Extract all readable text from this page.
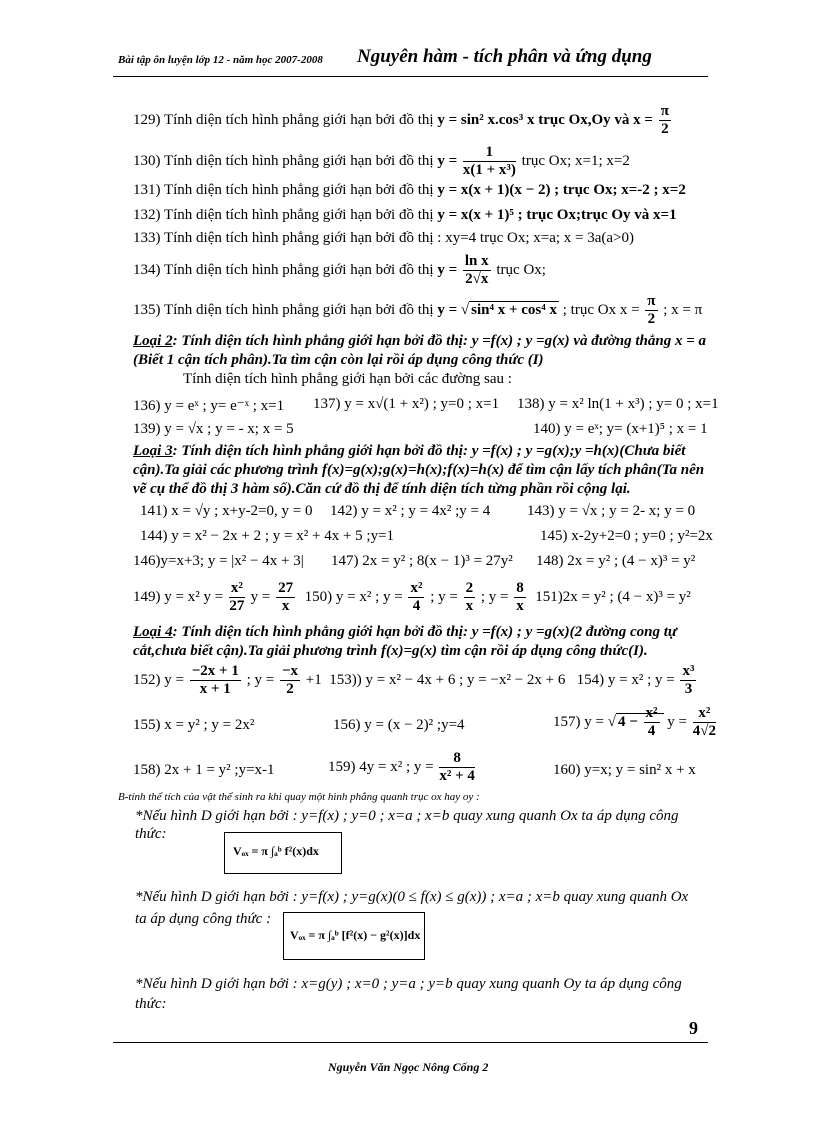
Bài tập ôn luyện lớp 12 - năm học 2007-2008 Nguyên hàm - tích phân và ứng dụng
129) Tính diện tích hình phẳng giới hạn bởi đồ thị y = sin² x.cos³ x trục Ox,Oy và $x = \frac{\pi}{2}$
130) Tính diện tích hình phẳng giới hạn bởi đồ thị $y = \frac{1}{\text{x(1 + x³)}}$ trục Ox; x=1; x=2
131) Tính diện tích hình phẳng giới hạn bởi đồ thị y = x(x + 1)(x − 2) ; trục Ox; x=-2 ; x=2
132) Tính diện tích hình phẳng giới hạn bởi đồ thị y = x(x + 1)⁵ ; trục Ox;trục Oy và x=1
133) Tính diện tích hình phẳng giới hạn bởi đồ thị : xy=4 trục Ox; x=a; x = 3a(a>0)
134) Tính diện tích hình phẳng giới hạn bởi đồ thị $y = \frac{\text{ln x}}{2√x}$ trục Ox;
135) Tính diện tích hình phẳng giới hạn bởi đồ thị y = √ sin⁴ x + cos⁴ x ; trục Ox $x = \frac{\pi}{2}$ ; x = π
Loại 2: Tính diện tích hình phẳng giới hạn bởi đồ thị: y =f(x) ; y =g(x) và đường thẳng x = a
(Biết 1 cận tích phân).Ta tìm cận còn lại rồi áp dụng công thức (I)
Tính diện tích hình phẳng giới hạn bởi các đường sau :
136) y = eˣ ; y= e⁻ˣ ; x=1 137) y = x√(1 + x²) ; y=0 ; x=1 138) y = x² ln(1 + x³) ; y= 0 ; x=1
139) y = √x ; y = - x; x = 5	140) y = eˣ; y= (x+1)⁵ ; x = 1
Loại 3: Tính diện tích hình phẳng giới hạn bởi đồ thị: y =f(x) ; y =g(x);y =h(x)(Chưa biết
cận).Ta giải các phương trình f(x)=g(x);g(x)=h(x);f(x)=h(x) để tìm cận lấy tích phân(Ta nên
vẽ cụ thể đồ thị 3 hàm số).Căn cứ đồ thị để tính diện tích từng phần rồi cộng lại.
141) x = √y ; x+y-2=0, y = 0 142) y = x² ; y = 4x² ;y = 4 143) y = √x ; y = 2- x; y = 0
144) y = x² − 2x + 2 ; y = x² + 4x + 5 ;y=1	145) x-2y+2=0 ; y=0 ; y²=2x
146)y=x+3; y = |x² − 4x + 3| 147) 2x = y² ; 8(x − 1)³ = 27y² 148) 2x = y² ; (4 − x)³ = y²
149) y = x² $y = \frac{\text{x²}}{27}$ $y = \frac{27}{x} 150$) y = x² ; $y = \frac{\text{x²}}{4}$ ; $y = \frac{2}{x}$ ; $y = \frac{8}{x} 151)2x = y^2$ ; (4 − x)³ = y²
Loại 4: Tính diện tích hình phẳng giới hạn bởi đồ thị: y =f(x) ; y =g(x)(2 đường cong tự
cắt,chưa biết cận).Ta giải phương trình f(x)=g(x) tìm cận rồi áp dụng công thức(I).
152) $y = \frac{-2x + 1}{x + 1}$ ; $y = \frac{-x}{2} +1$ 153)) y = x² − 4x + 6 ; y = −x² − 2x + 6 154) y = x² ; $y = \frac{\text{x³}}{3}$
155) x = y² ; y = 2x²	156) y = (x − 2)² ;y=4	157) y = √ $4 - \frac{\text{x²}}{4}$ $y = \frac{\text{x²}}{4√2}$
158) 2x + 1 = y² ;y=x-1	159) 4y = x² ; $y = \frac{8}{\text{x² + 4}}$	160) y=x; y = sin² x + x
B-tính thể tích của vật thể sinh ra khi quay một hình phẳng quanh trục ox hay oy :
*Nếu hình D giới hạn bởi : y=f(x) ; y=0 ; x=a ; x=b quay xung quanh Ox ta áp dụng công
thức:
Vₒₓ = π ∫ₐᵇ f²(x)dx
*Nếu hình D giới hạn bởi : y=f(x) ; y=g(x)(0 ≤ f(x) ≤ g(x)) ; x=a ; x=b quay xung quanh Ox
ta áp dụng công thức :
Vₒₓ = π ∫ₐᵇ [f²(x) − g²(x)]dx
*Nếu hình D giới hạn bởi : x=g(y) ; x=0 ; y=a ; y=b quay xung quanh Oy ta áp dụng công
thức:
9
Nguyễn Văn Ngọc Nông Cống 2
